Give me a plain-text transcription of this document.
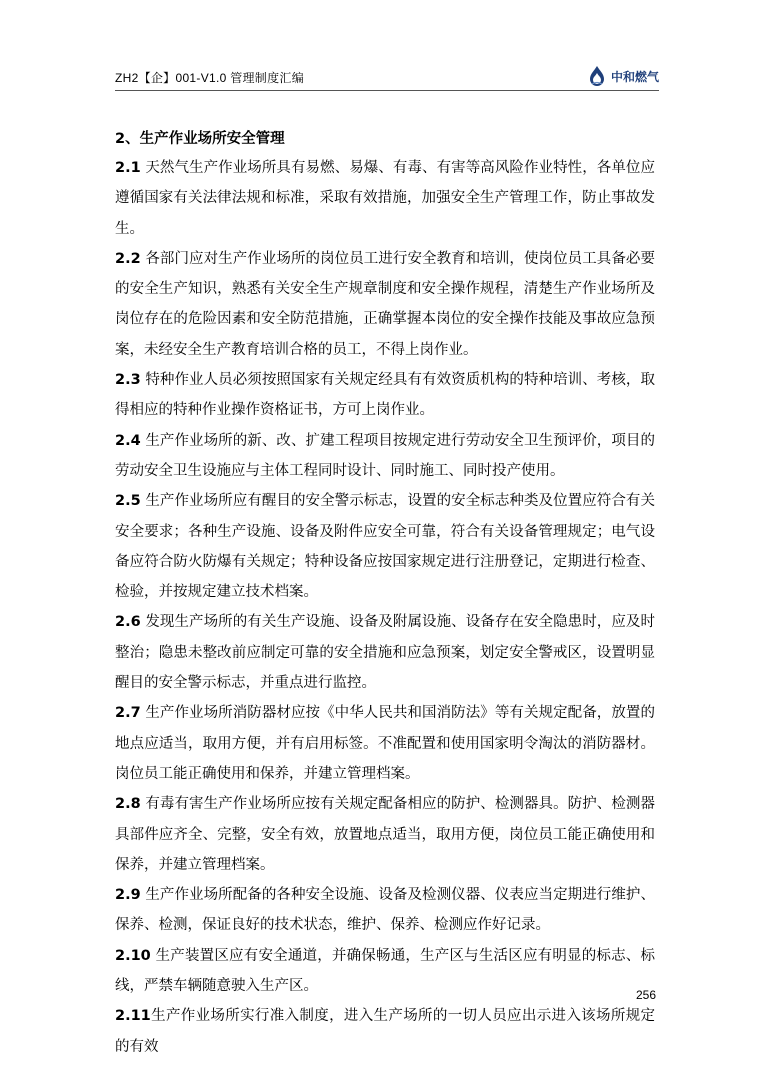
ZH2【企】001-V1.0 管理制度汇编	中和燃气
2、生产作业场所安全管理

2.1 天然气生产作业场所具有易燃、易爆、有毒、有害等高风险作业特性，各单位应遵循国家有关法律法规和标准，采取有效措施，加强安全生产管理工作，防止事故发生。

2.2 各部门应对生产作业场所的岗位员工进行安全教育和培训，使岗位员工具备必要的安全生产知识，熟悉有关安全生产规章制度和安全操作规程，清楚生产作业场所及岗位存在的危险因素和安全防范措施，正确掌握本岗位的安全操作技能及事故应急预案，未经安全生产教育培训合格的员工，不得上岗作业。

2.3 特种作业人员必须按照国家有关规定经具有有效资质机构的特种培训、考核，取得相应的特种作业操作资格证书，方可上岗作业。

2.4 生产作业场所的新、改、扩建工程项目按规定进行劳动安全卫生预评价，项目的劳动安全卫生设施应与主体工程同时设计、同时施工、同时投产使用。

2.5 生产作业场所应有醒目的安全警示标志，设置的安全标志种类及位置应符合有关安全要求；各种生产设施、设备及附件应安全可靠，符合有关设备管理规定；电气设备应符合防火防爆有关规定；特种设备应按国家规定进行注册登记，定期进行检查、检验，并按规定建立技术档案。

2.6 发现生产场所的有关生产设施、设备及附属设施、设备存在安全隐患时，应及时整治；隐患未整改前应制定可靠的安全措施和应急预案，划定安全警戒区，设置明显醒目的安全警示标志，并重点进行监控。

2.7 生产作业场所消防器材应按《中华人民共和国消防法》等有关规定配备，放置的地点应适当，取用方便，并有启用标签。不准配置和使用国家明令淘汰的消防器材。岗位员工能正确使用和保养，并建立管理档案。

2.8 有毒有害生产作业场所应按有关规定配备相应的防护、检测器具。防护、检测器具部件应齐全、完整，安全有效，放置地点适当，取用方便，岗位员工能正确使用和保养，并建立管理档案。

2.9 生产作业场所配备的各种安全设施、设备及检测仪器、仪表应当定期进行维护、保养、检测，保证良好的技术状态，维护、保养、检测应作好记录。

2.10 生产装置区应有安全通道，并确保畅通，生产区与生活区应有明显的标志、标线，严禁车辆随意驶入生产区。

2.11生产作业场所实行准入制度，进入生产场所的一切人员应出示进入该场所规定的有效

256
